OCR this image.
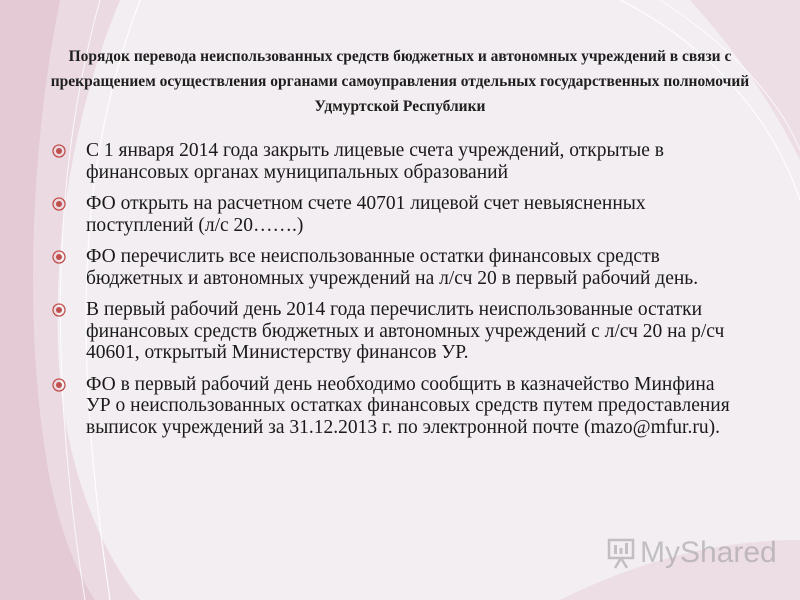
Порядок перевода неиспользованных средств бюджетных и автономных учреждений в связи с прекращением осуществления органами самоуправления отдельных государственных полномочий Удмуртской Республики
С 1 января 2014 года закрыть лицевые счета учреждений, открытые в финансовых органах муниципальных образований
ФО открыть на расчетном счете 40701 лицевой счет невыясненных поступлений (л/с 20…….)
ФО перечислить все неиспользованные остатки финансовых средств бюджетных и автономных учреждений на л/сч 20 в первый рабочий день.
В первый рабочий день 2014 года перечислить неиспользованные остатки финансовых средств бюджетных и автономных учреждений с л/сч 20 на р/сч 40601, открытый Министерству финансов УР.
ФО в первый рабочий день необходимо сообщить в казначейство Минфина УР о неиспользованных остатках финансовых средств путем предоставления выписок учреждений за 31.12.2013 г. по электронной почте (mazo@mfur.ru).
MyShared
